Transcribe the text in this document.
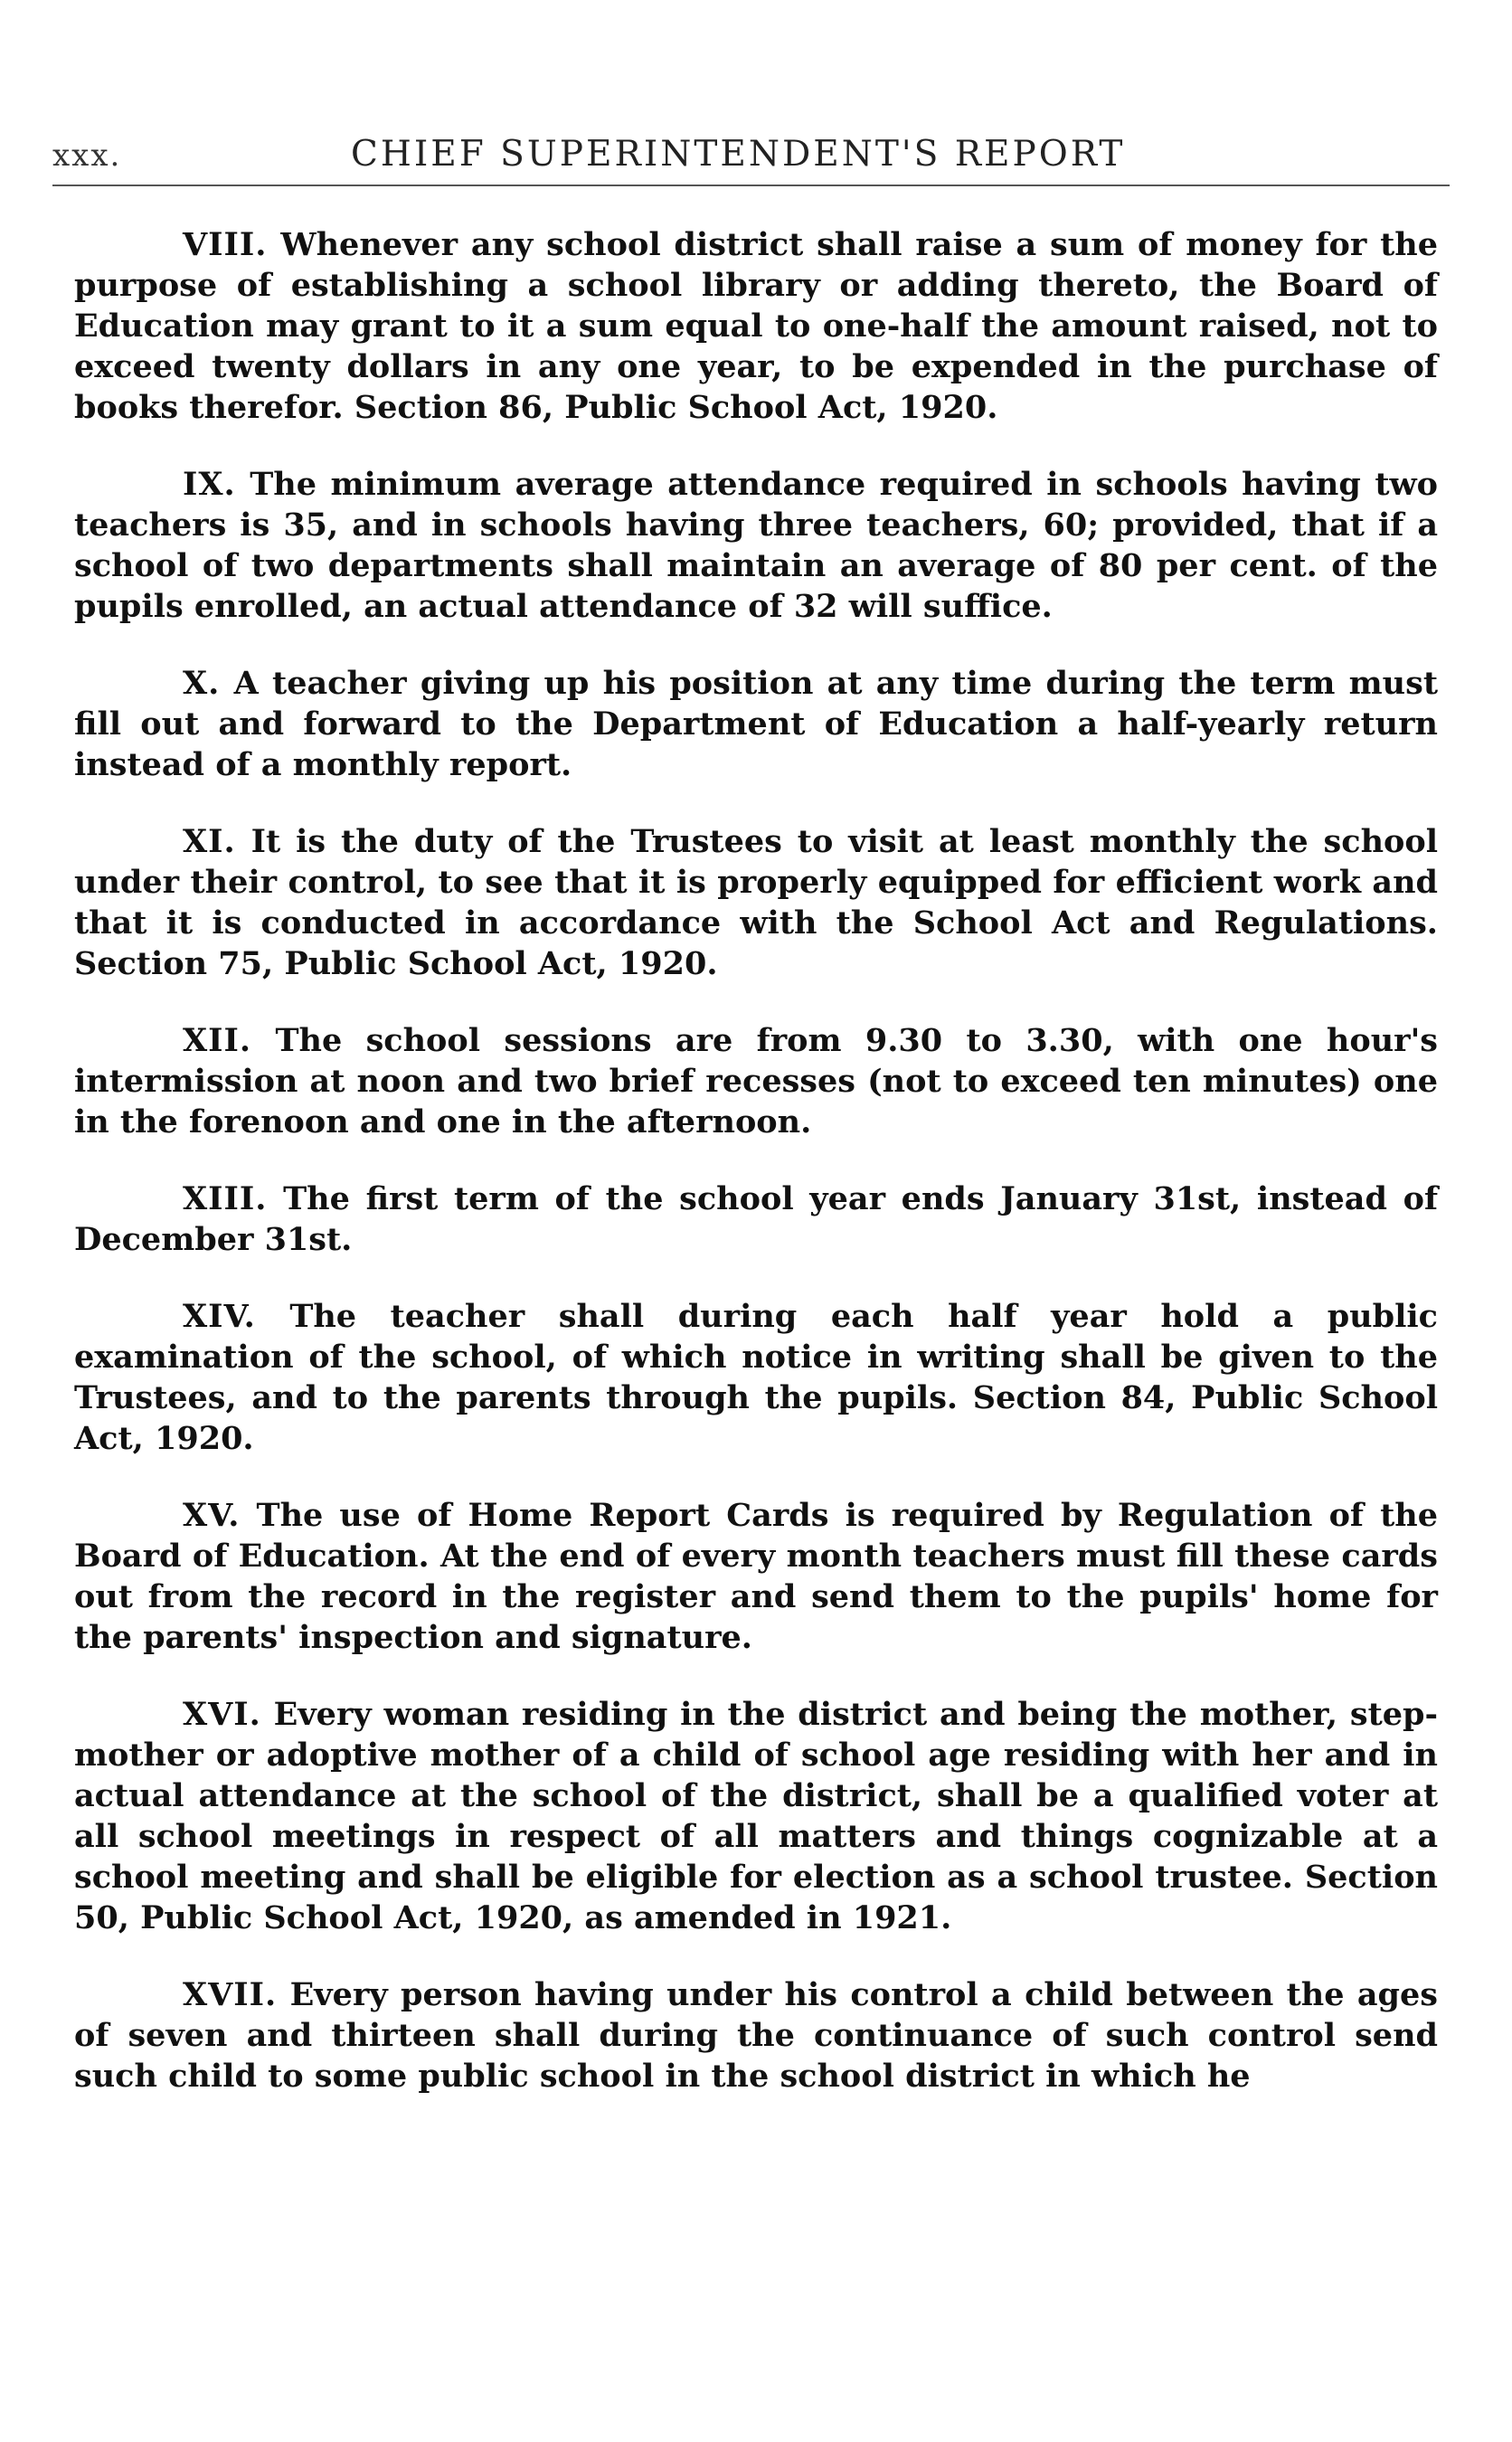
xxx.	CHIEF SUPERINTENDENT'S REPORT

VIII. Whenever any school district shall raise a sum of money for the purpose of establishing a school library or adding thereto, the Board of Education may grant to it a sum equal to one-half the amount raised, not to exceed twenty dollars in any one year, to be expended in the purchase of books therefor. Section 86, Public School Act, 1920.

IX. The minimum average attendance required in schools having two teachers is 35, and in schools having three teachers, 60; provided, that if a school of two departments shall maintain an average of 80 per cent. of the pupils enrolled, an actual attendance of 32 will suffice.

X. A teacher giving up his position at any time during the term must fill out and forward to the Department of Education a half-yearly return instead of a monthly report.

XI. It is the duty of the Trustees to visit at least monthly the school under their control, to see that it is properly equipped for efficient work and that it is conducted in accordance with the School Act and Regulations. Section 75, Public School Act, 1920.

XII. The school sessions are from 9.30 to 3.30, with one hour's intermission at noon and two brief recesses (not to exceed ten minutes) one in the forenoon and one in the afternoon.

XIII. The first term of the school year ends January 31st, instead of December 31st.

XIV. The teacher shall during each half year hold a public examination of the school, of which notice in writing shall be given to the Trustees, and to the parents through the pupils. Section 84, Public School Act, 1920.

XV. The use of Home Report Cards is required by Regulation of the Board of Education. At the end of every month teachers must fill these cards out from the record in the register and send them to the pupils' home for the parents' inspection and signature.

XVI. Every woman residing in the district and being the mother, step-mother or adoptive mother of a child of school age residing with her and in actual attendance at the school of the district, shall be a qualified voter at all school meetings in respect of all matters and things cognizable at a school meeting and shall be eligible for election as a school trustee. Section 50, Public School Act, 1920, as amended in 1921.

XVII. Every person having under his control a child between the ages of seven and thirteen shall during the continuance of such control send such child to some public school in the school district in which he
